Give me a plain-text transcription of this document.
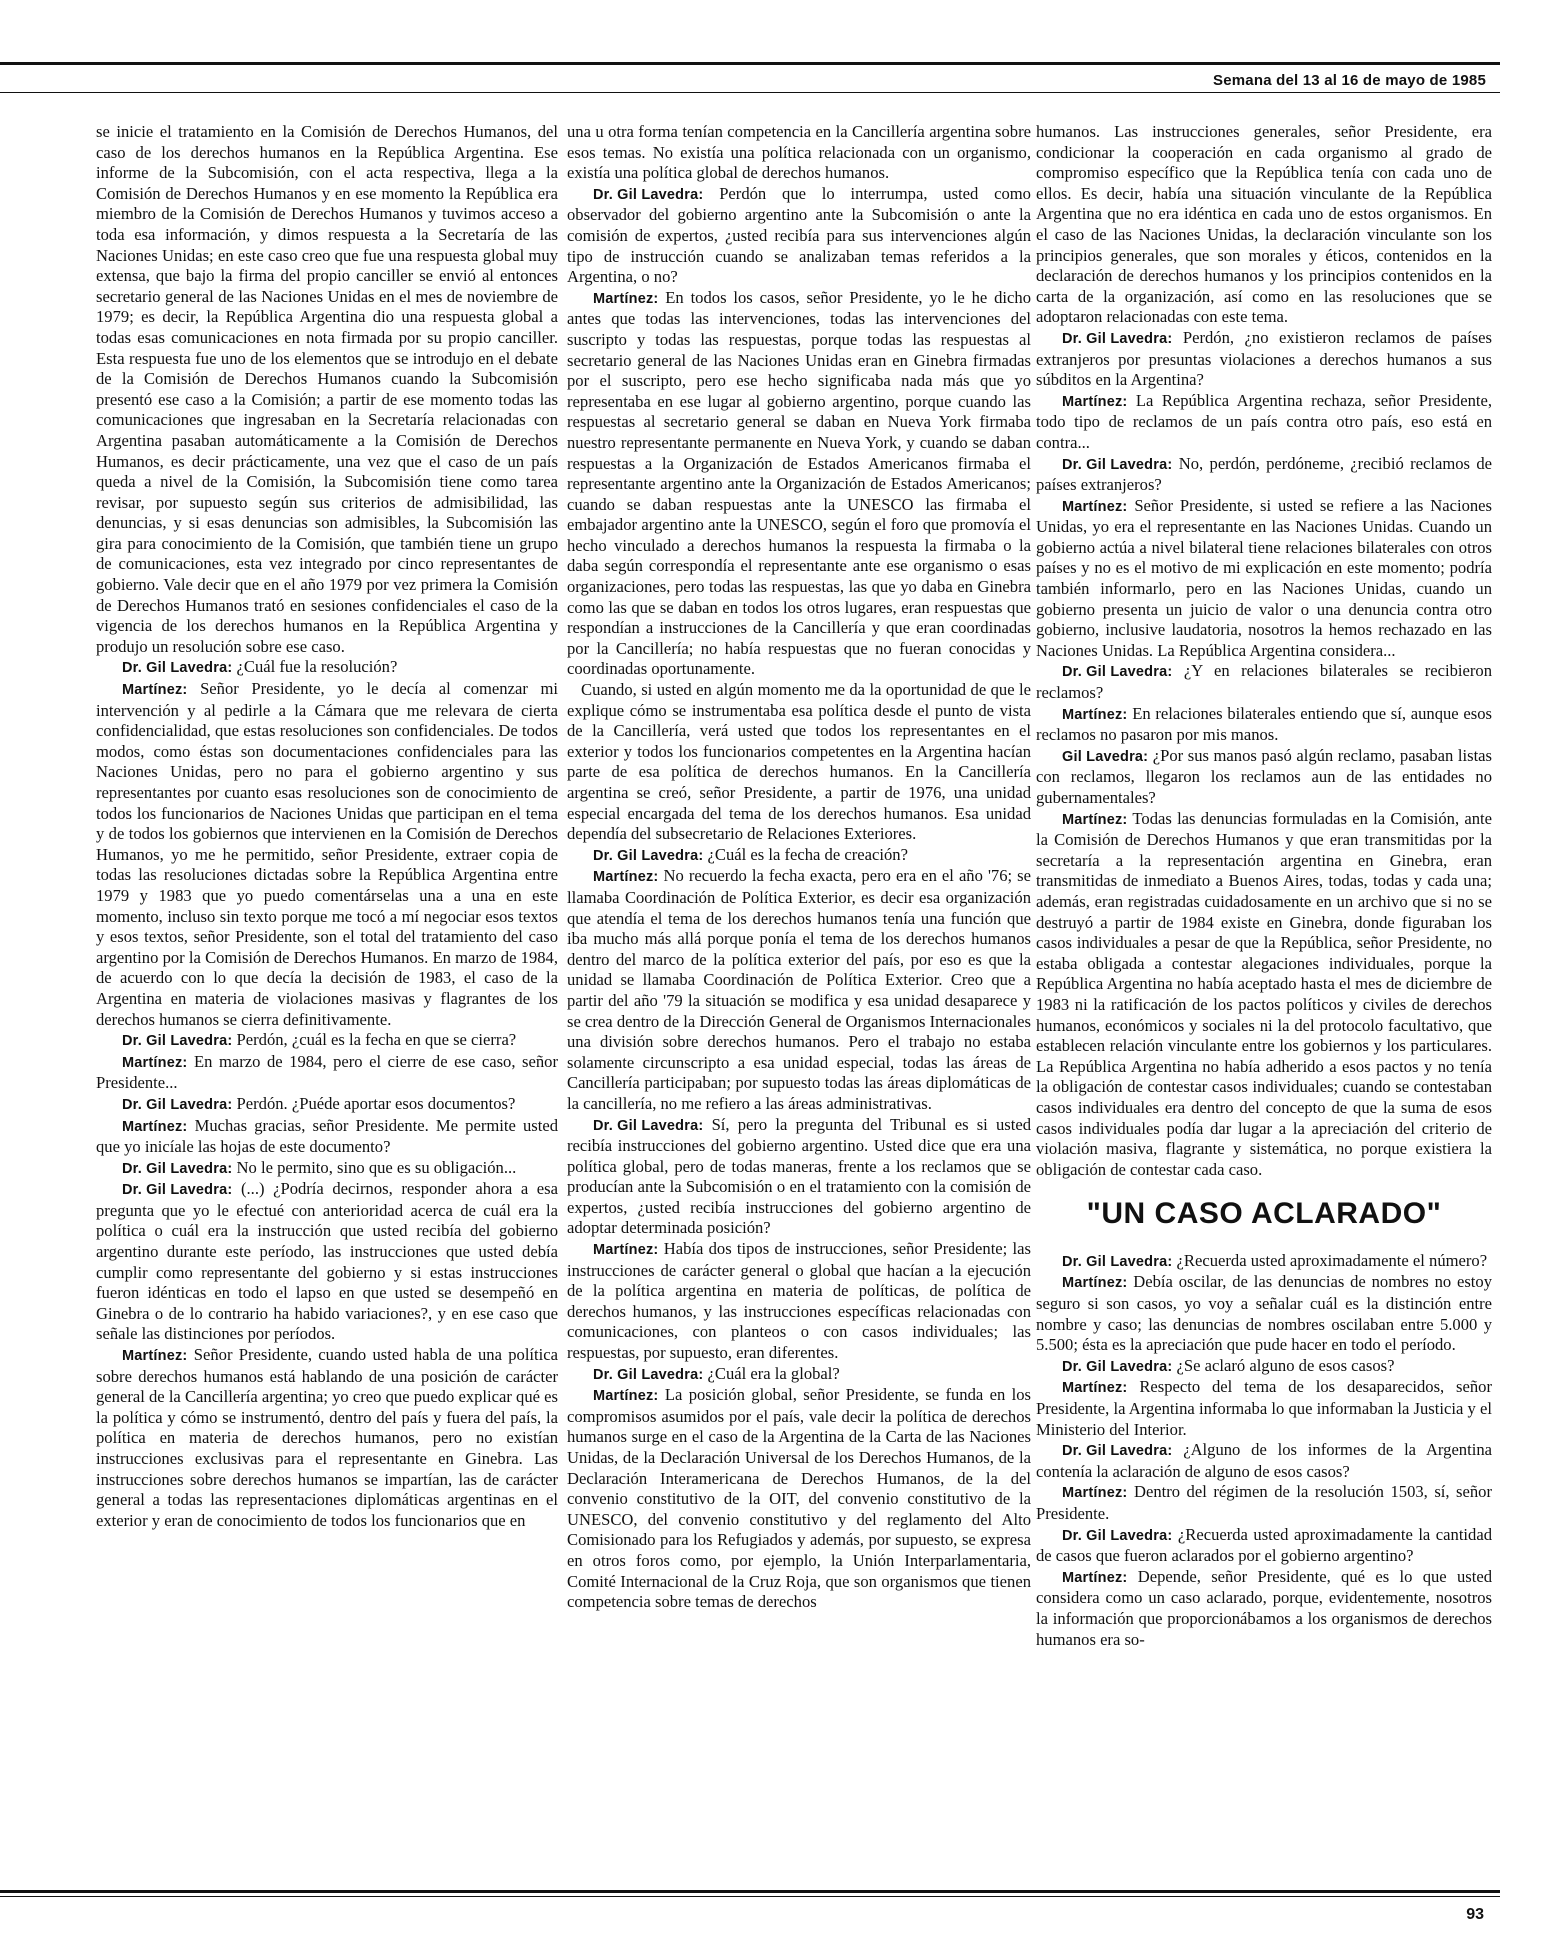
Semana del 13 al 16 de mayo de 1985

se inicie el tratamiento en la Comisión de Derechos Humanos, del caso de los derechos humanos en la República Argentina. Ese informe de la Subcomisión, con el acta respectiva, llega a la Comisión de Derechos Humanos y en ese momento la República era miembro de la Comisión de Derechos Humanos y tuvimos acceso a toda esa información, y dimos respuesta a la Secretaría de las Naciones Unidas; en este caso creo que fue una respuesta global muy extensa, que bajo la firma del propio canciller se envió al entonces secretario general de las Naciones Unidas en el mes de noviembre de 1979; es decir, la República Argentina dio una respuesta global a todas esas comunicaciones en nota firmada por su propio canciller. Esta respuesta fue uno de los elementos que se introdujo en el debate de la Comisión de Derechos Humanos cuando la Subcomisión presentó ese caso a la Comisión; a partir de ese momento todas las comunicaciones que ingresaban en la Secretaría relacionadas con Argentina pasaban automáticamente a la Comisión de Derechos Humanos, es decir prácticamente, una vez que el caso de un país queda a nivel de la Comisión, la Subcomisión tiene como tarea revisar, por supuesto según sus criterios de admisibilidad, las denuncias, y si esas denuncias son admisibles, la Subcomisión las gira para conocimiento de la Comisión, que también tiene un grupo de comunicaciones, esta vez integrado por cinco representantes de gobierno. Vale decir que en el año 1979 por vez primera la Comisión de Derechos Humanos trató en sesiones confidenciales el caso de la vigencia de los derechos humanos en la República Argentina y produjo un resolución sobre ese caso.

Dr. Gil Lavedra: ¿Cuál fue la resolución?

Martínez: Señor Presidente, yo le decía al comenzar mi intervención y al pedirle a la Cámara que me relevara de cierta confidencialidad, que estas resoluciones son confidenciales. De todos modos, como éstas son documentaciones confidenciales para las Naciones Unidas, pero no para el gobierno argentino y sus representantes por cuanto esas resoluciones son de conocimiento de todos los funcionarios de Naciones Unidas que participan en el tema y de todos los gobiernos que intervienen en la Comisión de Derechos Humanos, yo me he permitido, señor Presidente, extraer copia de todas las resoluciones dictadas sobre la República Argentina entre 1979 y 1983 que yo puedo comentárselas una a una en este momento, incluso sin texto porque me tocó a mí negociar esos textos y esos textos, señor Presidente, son el total del tratamiento del caso argentino por la Comisión de Derechos Humanos. En marzo de 1984, de acuerdo con lo que decía la decisión de 1983, el caso de la Argentina en materia de violaciones masivas y flagrantes de los derechos humanos se cierra definitivamente.

Dr. Gil Lavedra: Perdón, ¿cuál es la fecha en que se cierra?

Martínez: En marzo de 1984, pero el cierre de ese caso, señor Presidente...

Dr. Gil Lavedra: Perdón. ¿Puéde aportar esos documentos?

Martínez: Muchas gracias, señor Presidente. Me permite usted que yo inicíale las hojas de este documento?

Dr. Gil Lavedra: No le permito, sino que es su obligación...

Dr. Gil Lavedra: (...) ¿Podría decirnos, responder ahora a esa pregunta que yo le efectué con anterioridad acerca de cuál era la política o cuál era la instrucción que usted recibía del gobierno argentino durante este período, las instrucciones que usted debía cumplir como representante del gobierno y si estas instrucciones fueron idénticas en todo el lapso en que usted se desempeñó en Ginebra o de lo contrario ha habido variaciones?, y en ese caso que señale las distinciones por períodos.

Martínez: Señor Presidente, cuando usted habla de una política sobre derechos humanos está hablando de una posición de carácter general de la Cancillería argentina; yo creo que puedo explicar qué es la política y cómo se instrumentó, dentro del país y fuera del país, la política en materia de derechos humanos, pero no existían instrucciones exclusivas para el representante en Ginebra. Las instrucciones sobre derechos humanos se impartían, las de carácter general a todas las representaciones diplomáticas argentinas en el exterior y eran de conocimiento de todos los funcionarios que en

una u otra forma tenían competencia en la Cancillería argentina sobre esos temas. No existía una política relacionada con un organismo, existía una política global de derechos humanos.

Dr. Gil Lavedra: Perdón que lo interrumpa, usted como observador del gobierno argentino ante la Subcomisión o ante la comisión de expertos, ¿usted recibía para sus intervenciones algún tipo de instrucción cuando se analizaban temas referidos a la Argentina, o no?

Martínez: En todos los casos, señor Presidente, yo le he dicho antes que todas las intervenciones, todas las intervenciones del suscripto y todas las respuestas, porque todas las respuestas al secretario general de las Naciones Unidas eran en Ginebra firmadas por el suscripto, pero ese hecho significaba nada más que yo representaba en ese lugar al gobierno argentino, porque cuando las respuestas al secretario general se daban en Nueva York firmaba nuestro representante permanente en Nueva York, y cuando se daban respuestas a la Organización de Estados Americanos firmaba el representante argentino ante la Organización de Estados Americanos; cuando se daban respuestas ante la UNESCO las firmaba el embajador argentino ante la UNESCO, según el foro que promovía el hecho vinculado a derechos humanos la respuesta la firmaba o la daba según correspondía el representante ante ese organismo o esas organizaciones, pero todas las respuestas, las que yo daba en Ginebra como las que se daban en todos los otros lugares, eran respuestas que respondían a instrucciones de la Cancillería y que eran coordinadas por la Cancillería; no había respuestas que no fueran conocidas y coordinadas oportunamente.

Cuando, si usted en algún momento me da la oportunidad de que le explique cómo se instrumentaba esa política desde el punto de vista de la Cancillería, verá usted que todos los representantes en el exterior y todos los funcionarios competentes en la Argentina hacían parte de esa política de derechos humanos. En la Cancillería argentina se creó, señor Presidente, a partir de 1976, una unidad especial encargada del tema de los derechos humanos. Esa unidad dependía del subsecretario de Relaciones Exteriores.

Dr. Gil Lavedra: ¿Cuál es la fecha de creación?

Martínez: No recuerdo la fecha exacta, pero era en el año '76; se llamaba Coordinación de Política Exterior, es decir esa organización que atendía el tema de los derechos humanos tenía una función que iba mucho más allá porque ponía el tema de los derechos humanos dentro del marco de la política exterior del país, por eso es que la unidad se llamaba Coordinación de Política Exterior. Creo que a partir del año '79 la situación se modifica y esa unidad desaparece y se crea dentro de la Dirección General de Organismos Internacionales una división sobre derechos humanos. Pero el trabajo no estaba solamente circunscripto a esa unidad especial, todas las áreas de Cancillería participaban; por supuesto todas las áreas diplomáticas de la cancillería, no me refiero a las áreas administrativas.

Dr. Gil Lavedra: Sí, pero la pregunta del Tribunal es si usted recibía instrucciones del gobierno argentino. Usted dice que era una política global, pero de todas maneras, frente a los reclamos que se producían ante la Subcomisión o en el tratamiento con la comisión de expertos, ¿usted recibía instrucciones del gobierno argentino de adoptar determinada posición?

Martínez: Había dos tipos de instrucciones, señor Presidente; las instrucciones de carácter general o global que hacían a la ejecución de la política argentina en materia de políticas, de política de derechos humanos, y las instrucciones específicas relacionadas con comunicaciones, con planteos o con casos individuales; las respuestas, por supuesto, eran diferentes.

Dr. Gil Lavedra: ¿Cuál era la global?

Martínez: La posición global, señor Presidente, se funda en los compromisos asumidos por el país, vale decir la política de derechos humanos surge en el caso de la Argentina de la Carta de las Naciones Unidas, de la Declaración Universal de los Derechos Humanos, de la Declaración Interamericana de Derechos Humanos, de la del convenio constitutivo de la OIT, del convenio constitutivo de la UNESCO, del convenio constitutivo y del reglamento del Alto Comisionado para los Refugiados y además, por supuesto, se expresa en otros foros como, por ejemplo, la Unión Interparlamentaria, Comité Internacional de la Cruz Roja, que son organismos que tienen competencia sobre temas de derechos

humanos. Las instrucciones generales, señor Presidente, era condicionar la cooperación en cada organismo al grado de compromiso específico que la República tenía con cada uno de ellos. Es decir, había una situación vinculante de la República Argentina que no era idéntica en cada uno de estos organismos. En el caso de las Naciones Unidas, la declaración vinculante son los principios generales, que son morales y éticos, contenidos en la declaración de derechos humanos y los principios contenidos en la carta de la organización, así como en las resoluciones que se adoptaron relacionadas con este tema.

Dr. Gil Lavedra: Perdón, ¿no existieron reclamos de países extranjeros por presuntas violaciones a derechos humanos a sus súbditos en la Argentina?

Martínez: La República Argentina rechaza, señor Presidente, todo tipo de reclamos de un país contra otro país, eso está en contra...

Dr. Gil Lavedra: No, perdón, perdóneme, ¿recibió reclamos de países extranjeros?

Martínez: Señor Presidente, si usted se refiere a las Naciones Unidas, yo era el representante en las Naciones Unidas. Cuando un gobierno actúa a nivel bilateral tiene relaciones bilaterales con otros países y no es el motivo de mi explicación en este momento; podría también informarlo, pero en las Naciones Unidas, cuando un gobierno presenta un juicio de valor o una denuncia contra otro gobierno, inclusive laudatoria, nosotros la hemos rechazado en las Naciones Unidas. La República Argentina considera...

Dr. Gil Lavedra: ¿Y en relaciones bilaterales se recibieron reclamos?

Martínez: En relaciones bilaterales entiendo que sí, aunque esos reclamos no pasaron por mis manos.

Gil Lavedra: ¿Por sus manos pasó algún reclamo, pasaban listas con reclamos, llegaron los reclamos aun de las entidades no gubernamentales?

Martínez: Todas las denuncias formuladas en la Comisión, ante la Comisión de Derechos Humanos y que eran transmitidas por la secretaría a la representación argentina en Ginebra, eran transmitidas de inmediato a Buenos Aires, todas, todas y cada una; además, eran registradas cuidadosamente en un archivo que si no se destruyó a partir de 1984 existe en Ginebra, donde figuraban los casos individuales a pesar de que la República, señor Presidente, no estaba obligada a contestar alegaciones individuales, porque la República Argentina no había aceptado hasta el mes de diciembre de 1983 ni la ratificación de los pactos políticos y civiles de derechos humanos, económicos y sociales ni la del protocolo facultativo, que establecen relación vinculante entre los gobiernos y los particulares. La República Argentina no había adherido a esos pactos y no tenía la obligación de contestar casos individuales; cuando se contestaban casos individuales era dentro del concepto de que la suma de esos casos individuales podía dar lugar a la apreciación del criterio de violación masiva, flagrante y sistemática, no porque existiera la obligación de contestar cada caso.

"UN CASO ACLARADO"

Dr. Gil Lavedra: ¿Recuerda usted aproximadamente el número?

Martínez: Debía oscilar, de las denuncias de nombres no estoy seguro si son casos, yo voy a señalar cuál es la distinción entre nombre y caso; las denuncias de nombres oscilaban entre 5.000 y 5.500; ésta es la apreciación que pude hacer en todo el período.

Dr. Gil Lavedra: ¿Se aclaró alguno de esos casos?

Martínez: Respecto del tema de los desaparecidos, señor Presidente, la Argentina informaba lo que informaban la Justicia y el Ministerio del Interior.

Dr. Gil Lavedra: ¿Alguno de los informes de la Argentina contenía la aclaración de alguno de esos casos?

Martínez: Dentro del régimen de la resolución 1503, sí, señor Presidente.

Dr. Gil Lavedra: ¿Recuerda usted aproximadamente la cantidad de casos que fueron aclarados por el gobierno argentino?

Martínez: Depende, señor Presidente, qué es lo que usted considera como un caso aclarado, porque, evidentemente, nosotros la información que proporcionábamos a los organismos de derechos humanos era so-

93
